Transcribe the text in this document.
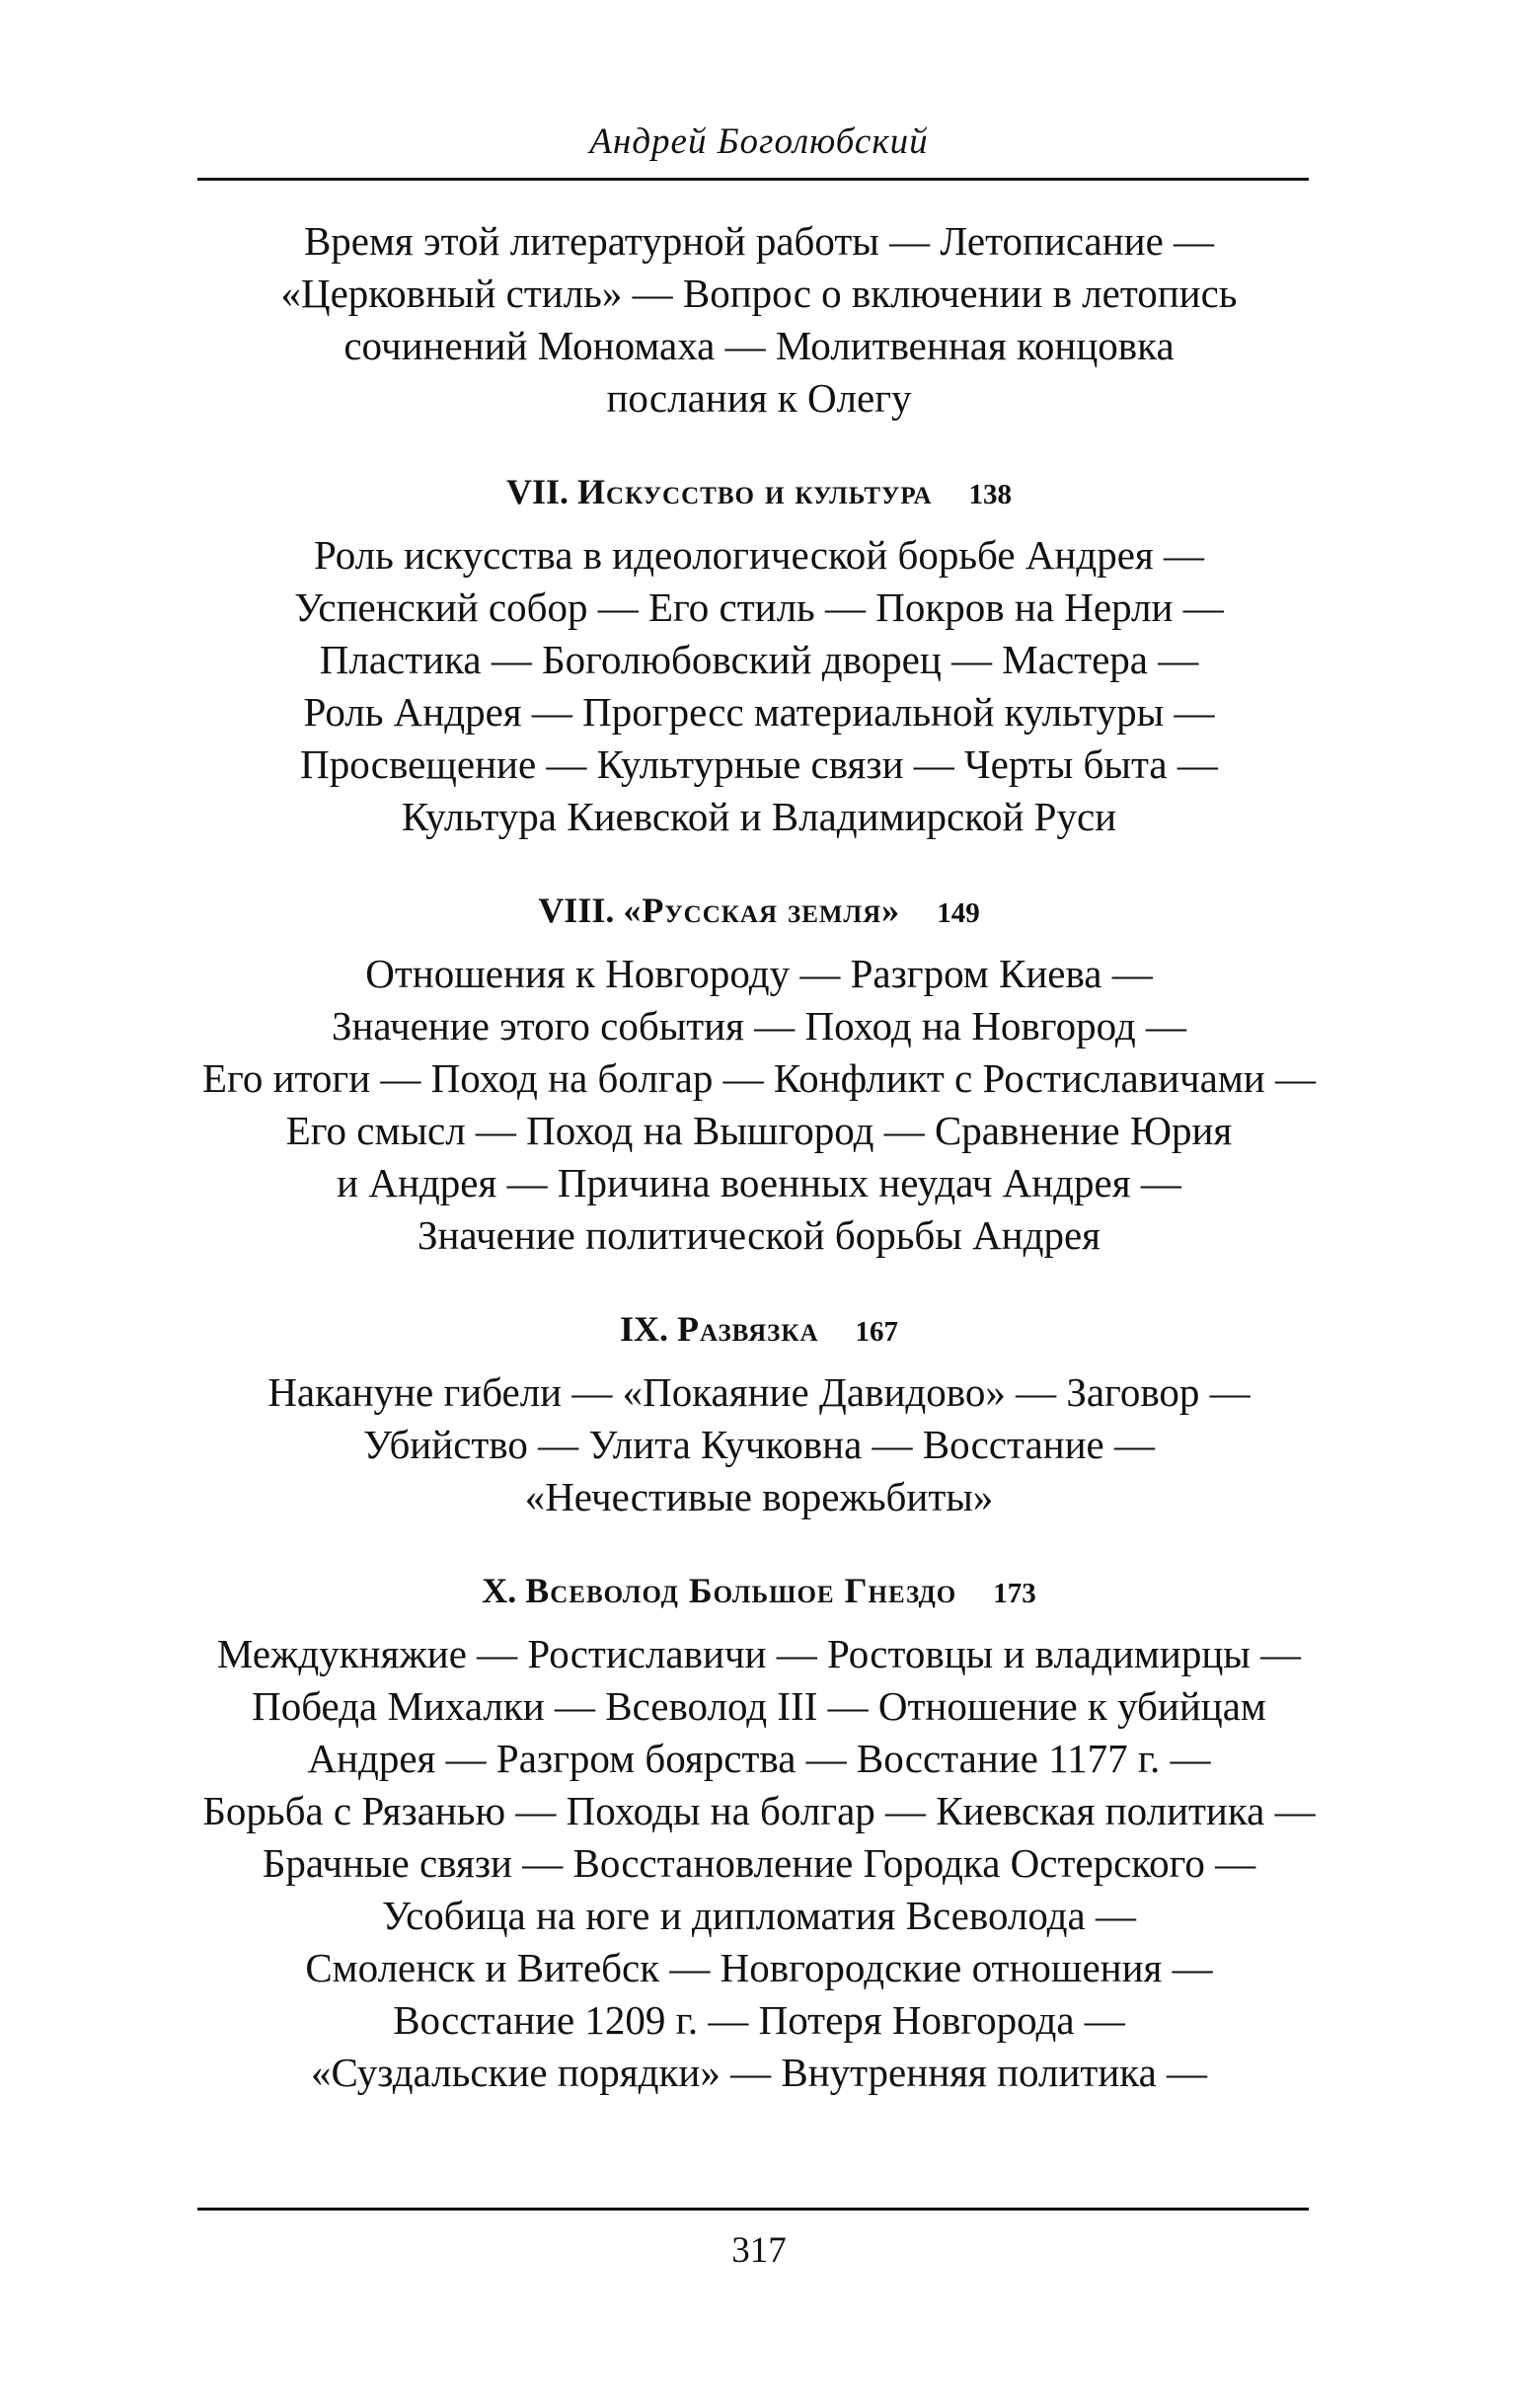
Андрей Боголюбский
Время этой литературной работы — Летописание —
«Церковный стиль» — Вопрос о включении в летопись
сочинений Мономаха — Молитвенная концовка
послания к Олегу
VII. Искусство и культура 138
Роль искусства в идеологической борьбе Андрея —
Успенский собор — Его стиль — Покров на Нерли —
Пластика — Боголюбовский дворец — Мастера —
Роль Андрея — Прогресс материальной культуры —
Просвещение — Культурные связи — Черты быта —
Культура Киевской и Владимирской Руси
VIII. «Русская земля» 149
Отношения к Новгороду — Разгром Киева —
Значение этого события — Поход на Новгород —
Его итоги — Поход на болгар — Конфликт с Ростиславичами —
Его смысл — Поход на Вышгород — Сравнение Юрия
и Андрея — Причина военных неудач Андрея —
Значение политической борьбы Андрея
IX. Развязка 167
Накануне гибели — «Покаяние Давидово» — Заговор —
Убийство — Улита Кучковна — Восстание —
«Нечестивые ворежьбиты»
X. Всеволод Большое Гнездо 173
Междукняжие — Ростиславичи — Ростовцы и владимирцы —
Победа Михалки — Всеволод III — Отношение к убийцам
Андрея — Разгром боярства — Восстание 1177 г. —
Борьба с Рязанью — Походы на болгар — Киевская политика —
Брачные связи — Восстановление Городка Остерского —
Усобица на юге и дипломатия Всеволода —
Смоленск и Витебск — Новгородские отношения —
Восстание 1209 г. — Потеря Новгорода —
«Суздальские порядки» — Внутренняя политика —
317
